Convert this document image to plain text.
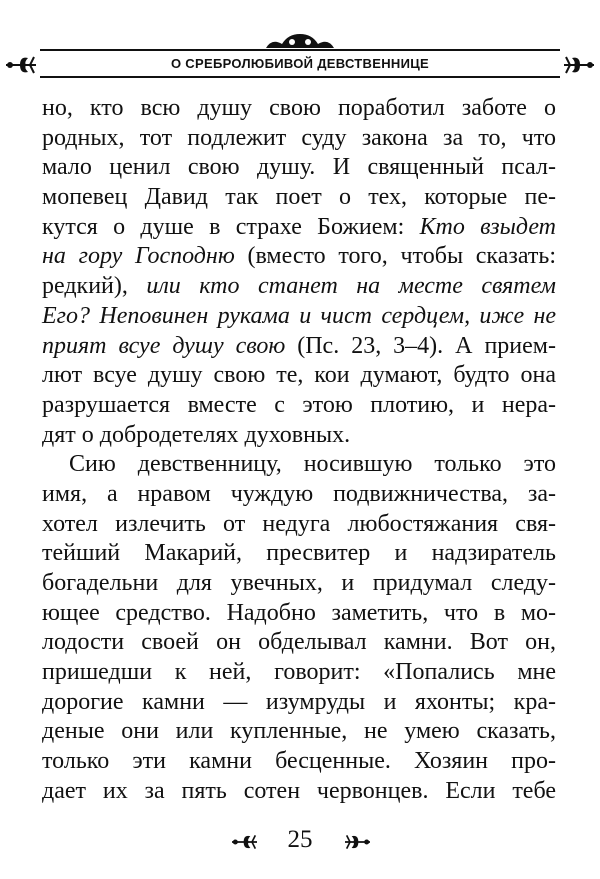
О СРЕБРОЛЮБИВОЙ ДЕВСТВЕННИЦЕ
но, кто всю душу свою поработил заботе о
родных, тот подлежит суду закона за то, что
мало ценил свою душу. И священный псал-
мопевец Давид так поет о тех, которые пе-
кутся о душе в страхе Божием: Кто взыдет
на гору Господню (вместо того, чтобы сказать:
редкий), или кто станет на месте святем
Его? Неповинен рукама и чист сердцем, иже не
прият всуе душу свою (Пс. 23, 3–4). А прием-
лют всуе душу свою те, кои думают, будто она
разрушается вместе с этою плотию, и нера-
дят о добродетелях духовных.
Сию девственницу, носившую только это
имя, а нравом чуждую подвижничества, за-
хотел излечить от недуга любостяжания свя-
тейший Макарий, пресвитер и надзиратель
богадельни для увечных, и придумал следу-
ющее средство. Надобно заметить, что в мо-
лодости своей он обделывал камни. Вот он,
пришедши к ней, говорит: «Попались мне
дорогие камни — изумруды и яхонты; кра-
деные они или купленные, не умею сказать,
только эти камни бесценные. Хозяин про-
дает их за пять сотен червонцев. Если тебе
25
